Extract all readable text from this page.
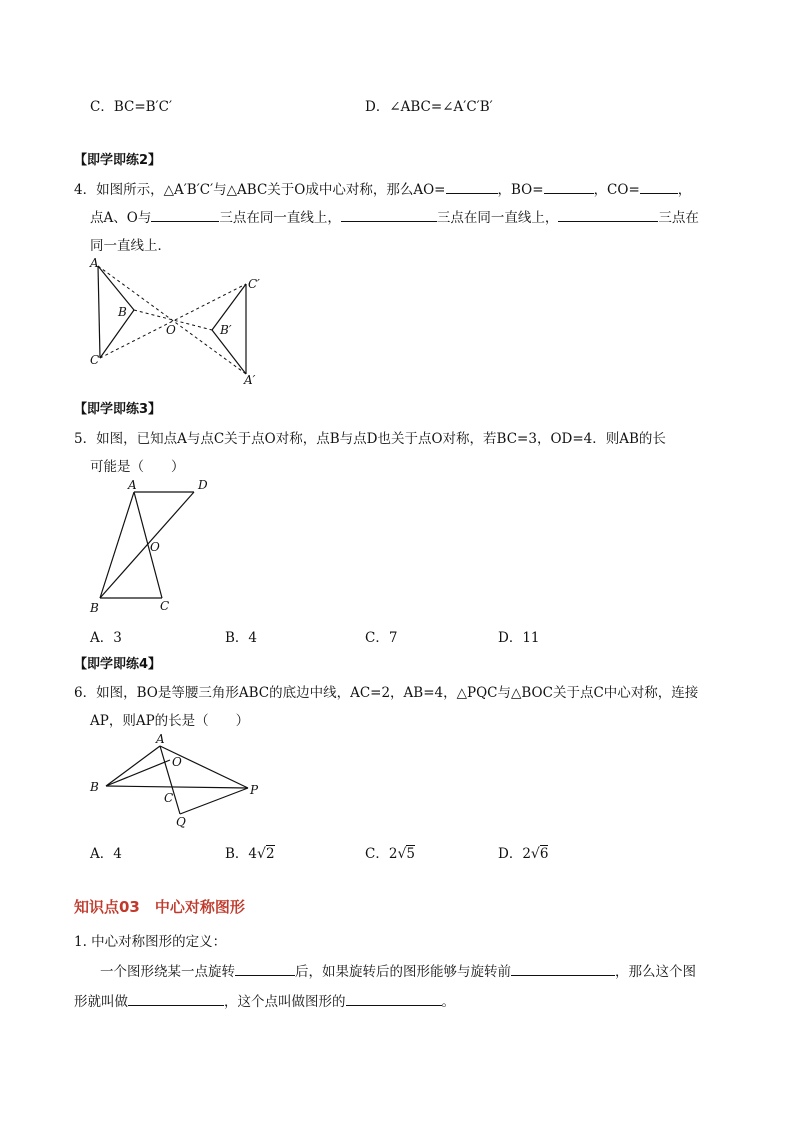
C．BC=B′C′	D．∠ABC=∠A′C′B′
【即学即练2】
4．如图所示，△A′B′C′与△ABC关于O成中心对称，那么AO=	，BO=	，CO=	，
点A、O与	三点在同一直线上，	三点在同一直线上，	三点在
同一直线上．
A
B
C
O
C′
B′
A′
【即学即练3】
5．如图，已知点A与点C关于点O对称，点B与点D也关于点O对称，若BC=3，OD=4．则AB的长
可能是（　　）
A	D
O
B	C
A．3	B．4	C．7	D．11
【即学即练4】
6．如图，BO是等腰三角形ABC的底边中线，AC=2，AB=4，△PQC与△BOC关于点C中心对称，连接
AP，则AP的长是（　　）
A
O
B
C
P
Q
A．4	B．4√2	C．2√5	D．2√6
知识点03　中心对称图形
1. 中心对称图形的定义：
一个图形绕某一点旋转	后，如果旋转后的图形能够与旋转前	，那么这个图
形就叫做	，这个点叫做图形的	。
